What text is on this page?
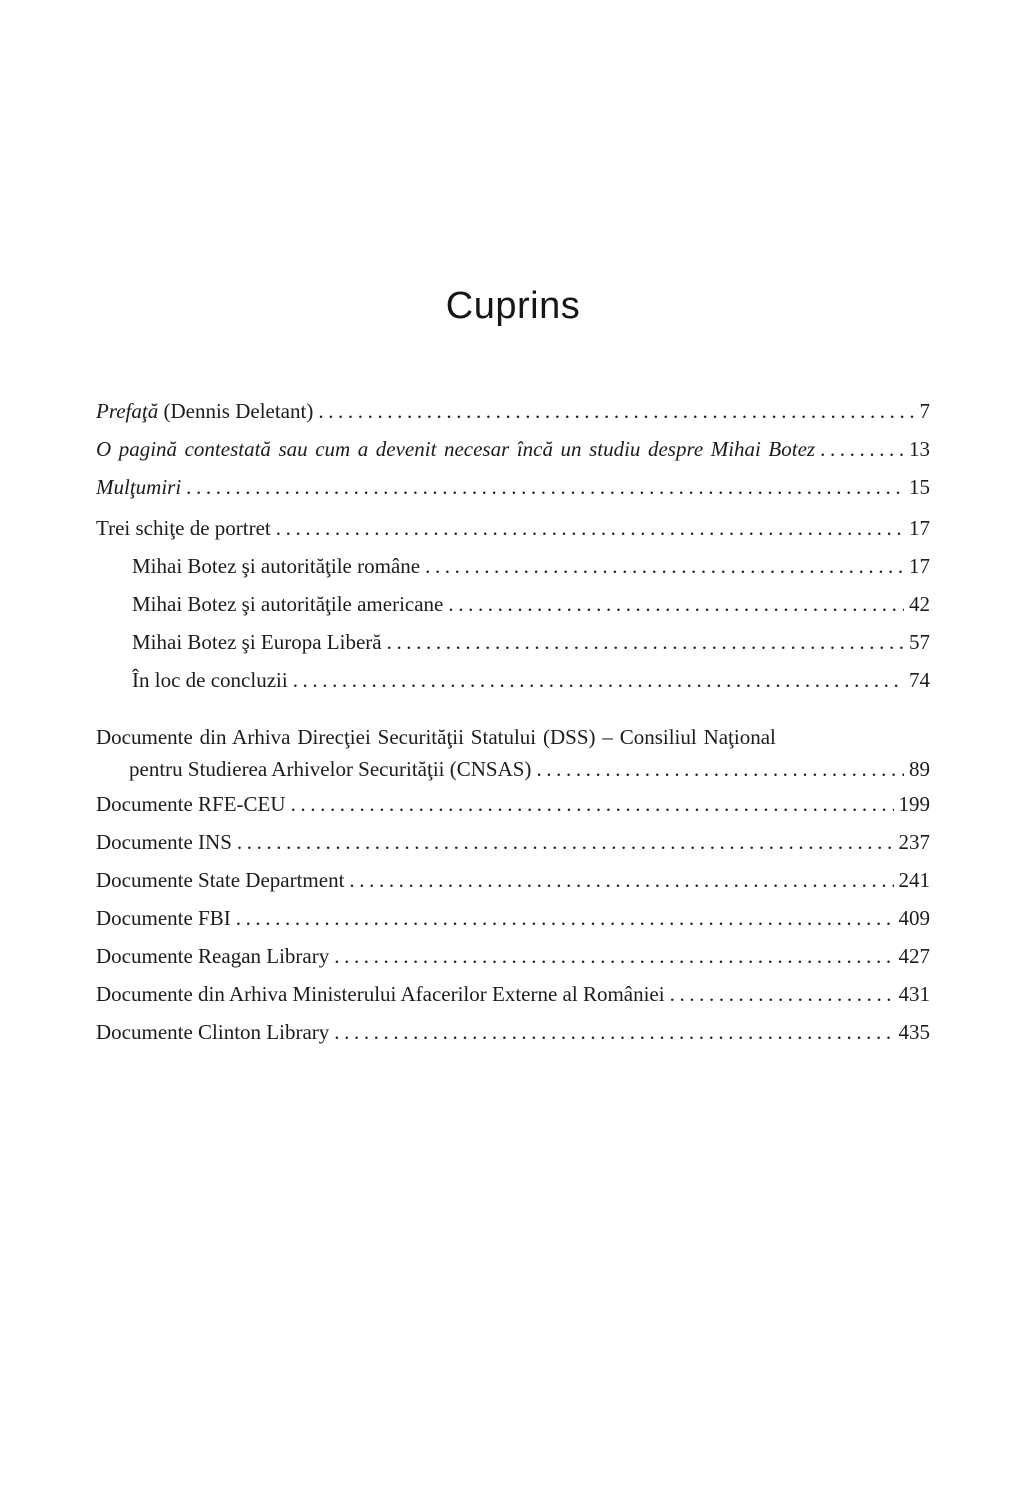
Cuprins
Prefaţă (Dennis Deletant) .....	7
O pagină contestată sau cum a devenit necesar încă un studiu despre Mihai Botez .....	13
Mulţumiri .....	15
Trei schiţe de portret .....	17
Mihai Botez şi autorităţile române .....	17
Mihai Botez şi autorităţile americane .....	42
Mihai Botez şi Europa Liberă .....	57
În loc de concluzii .....	74
Documente din Arhiva Direcţiei Securităţii Statului (DSS) – Consiliul Naţional
pentru Studierea Arhivelor Securităţii (CNSAS) .....	89
Documente RFE-CEU .....	199
Documente INS .....	237
Documente State Department .....	241
Documente FBI .....	409
Documente Reagan Library .....	427
Documente din Arhiva Ministerului Afacerilor Externe al României .....	431
Documente Clinton Library .....	435
